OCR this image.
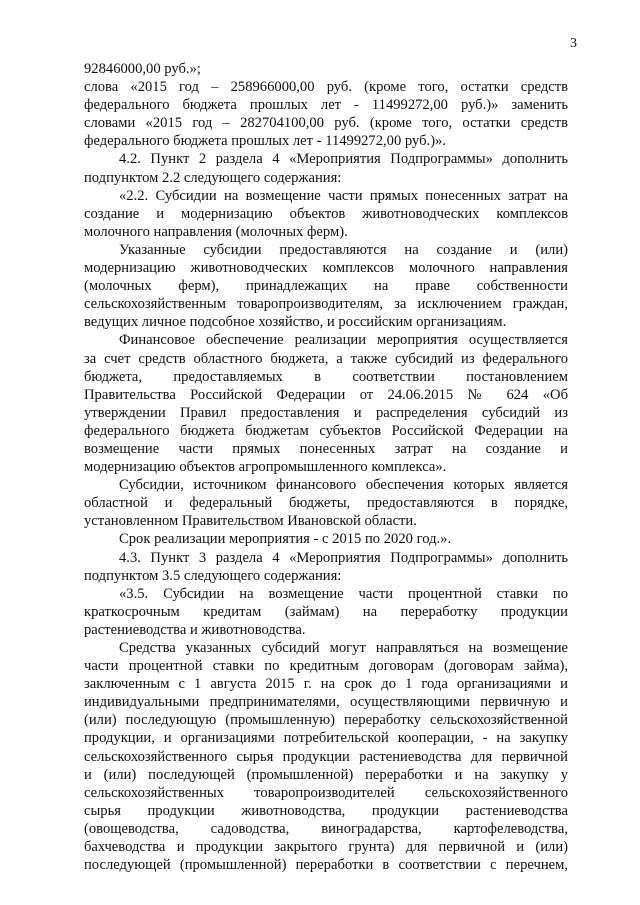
3
92846000,00 руб.»;
слова «2015 год – 258966000,00 руб. (кроме того, остатки средств
федерального бюджета прошлых лет - 11499272,00 руб.)» заменить
словами «2015 год – 282704100,00 руб. (кроме того, остатки средств
федерального бюджета прошлых лет - 11499272,00 руб.)».
4.2. Пункт 2 раздела 4 «Мероприятия Подпрограммы» дополнить
подпунктом 2.2 следующего содержания:
«2.2. Субсидии на возмещение части прямых понесенных затрат на
создание и модернизацию объектов животноводческих комплексов
молочного направления (молочных ферм).
Указанные субсидии предоставляются на создание и (или)
модернизацию животноводческих комплексов молочного направления
(молочных ферм), принадлежащих на праве собственности
сельскохозяйственным товаропроизводителям, за исключением граждан,
ведущих личное подсобное хозяйство, и российским организациям.
Финансовое обеспечение реализации мероприятия осуществляется
за счет средств областного бюджета, а также субсидий из федерального
бюджета, предоставляемых в соответствии постановлением
Правительства Российской Федерации от 24.06.2015 № 624 «Об
утверждении Правил предоставления и распределения субсидий из
федерального бюджета бюджетам субъектов Российской Федерации на
возмещение части прямых понесенных затрат на создание и
модернизацию объектов агропромышленного комплекса».
Субсидии, источником финансового обеспечения которых является
областной и федеральный бюджеты, предоставляются в порядке,
установленном Правительством Ивановской области.
Срок реализации мероприятия - с 2015 по 2020 год.».
4.3. Пункт 3 раздела 4 «Мероприятия Подпрограммы» дополнить
подпунктом 3.5 следующего содержания:
«3.5. Субсидии на возмещение части процентной ставки по
краткосрочным кредитам (займам) на переработку продукции
растениеводства и животноводства.
Средства указанных субсидий могут направляться на возмещение
части процентной ставки по кредитным договорам (договорам займа),
заключенным с 1 августа 2015 г. на срок до 1 года организациями и
индивидуальными предпринимателями, осуществляющими первичную и
(или) последующую (промышленную) переработку сельскохозяйственной
продукции, и организациями потребительской кооперации, - на закупку
сельскохозяйственного сырья продукции растениеводства для первичной
и (или) последующей (промышленной) переработки и на закупку у
сельскохозяйственных товаропроизводителей сельскохозяйственного
сырья продукции животноводства, продукции растениеводства
(овощеводства, садоводства, виноградарства, картофелеводства,
бахчеводства и продукции закрытого грунта) для первичной и (или)
последующей (промышленной) переработки в соответствии с перечнем,
